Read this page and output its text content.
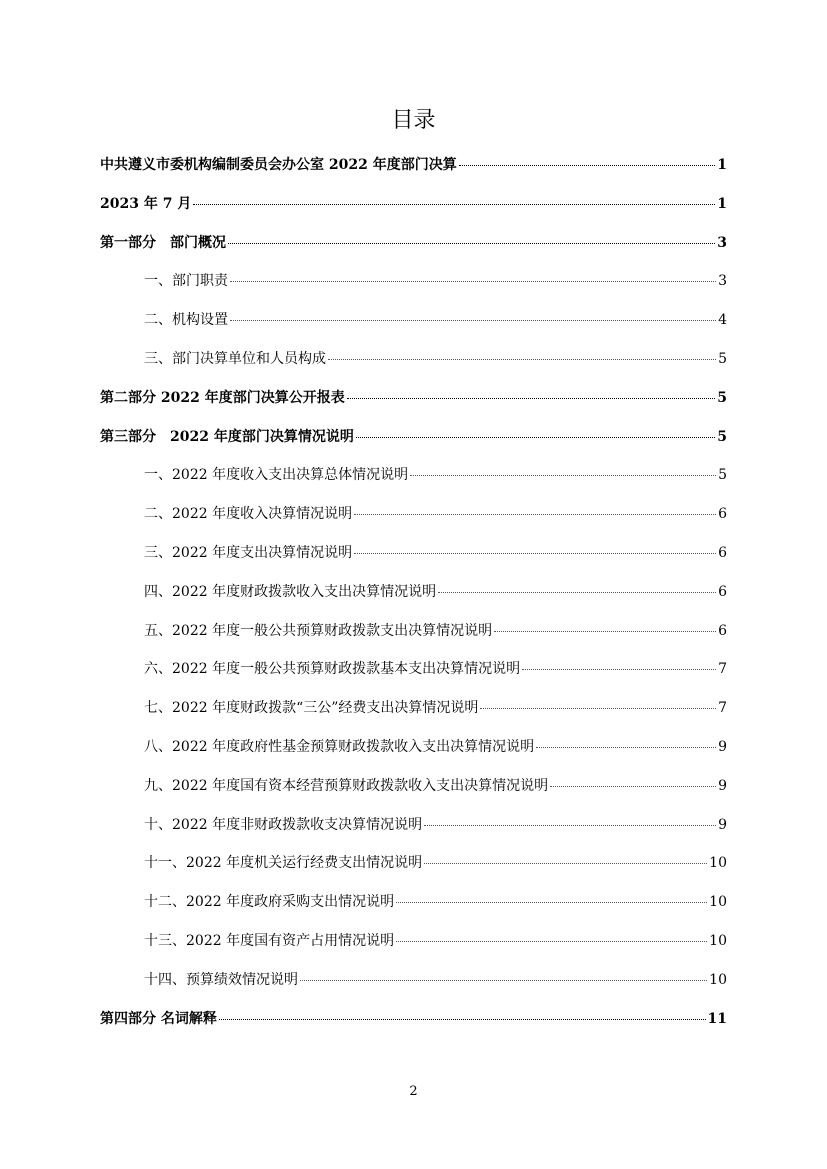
目录
中共遵义市委机构编制委员会办公室 2022 年度部门决算	1
2023 年 7 月	1
第一部分　部门概况	3
一、部门职责	3
二、机构设置	4
三、部门决算单位和人员构成	5
第二部分 2022 年度部门决算公开报表	5
第三部分　2022 年度部门决算情况说明	5
一、2022 年度收入支出决算总体情况说明	5
二、2022 年度收入决算情况说明	6
三、2022 年度支出决算情况说明	6
四、2022 年度财政拨款收入支出决算情况说明	6
五、2022 年度一般公共预算财政拨款支出决算情况说明	6
六、2022 年度一般公共预算财政拨款基本支出决算情况说明	7
七、2022 年度财政拨款“三公”经费支出决算情况说明	7
八、2022 年度政府性基金预算财政拨款收入支出决算情况说明	9
九、2022 年度国有资本经营预算财政拨款收入支出决算情况说明	9
十、2022 年度非财政拨款收支决算情况说明	9
十一、2022 年度机关运行经费支出情况说明	10
十二、2022 年度政府采购支出情况说明	10
十三、2022 年度国有资产占用情况说明	10
十四、预算绩效情况说明	10
第四部分 名词解释	11
2
